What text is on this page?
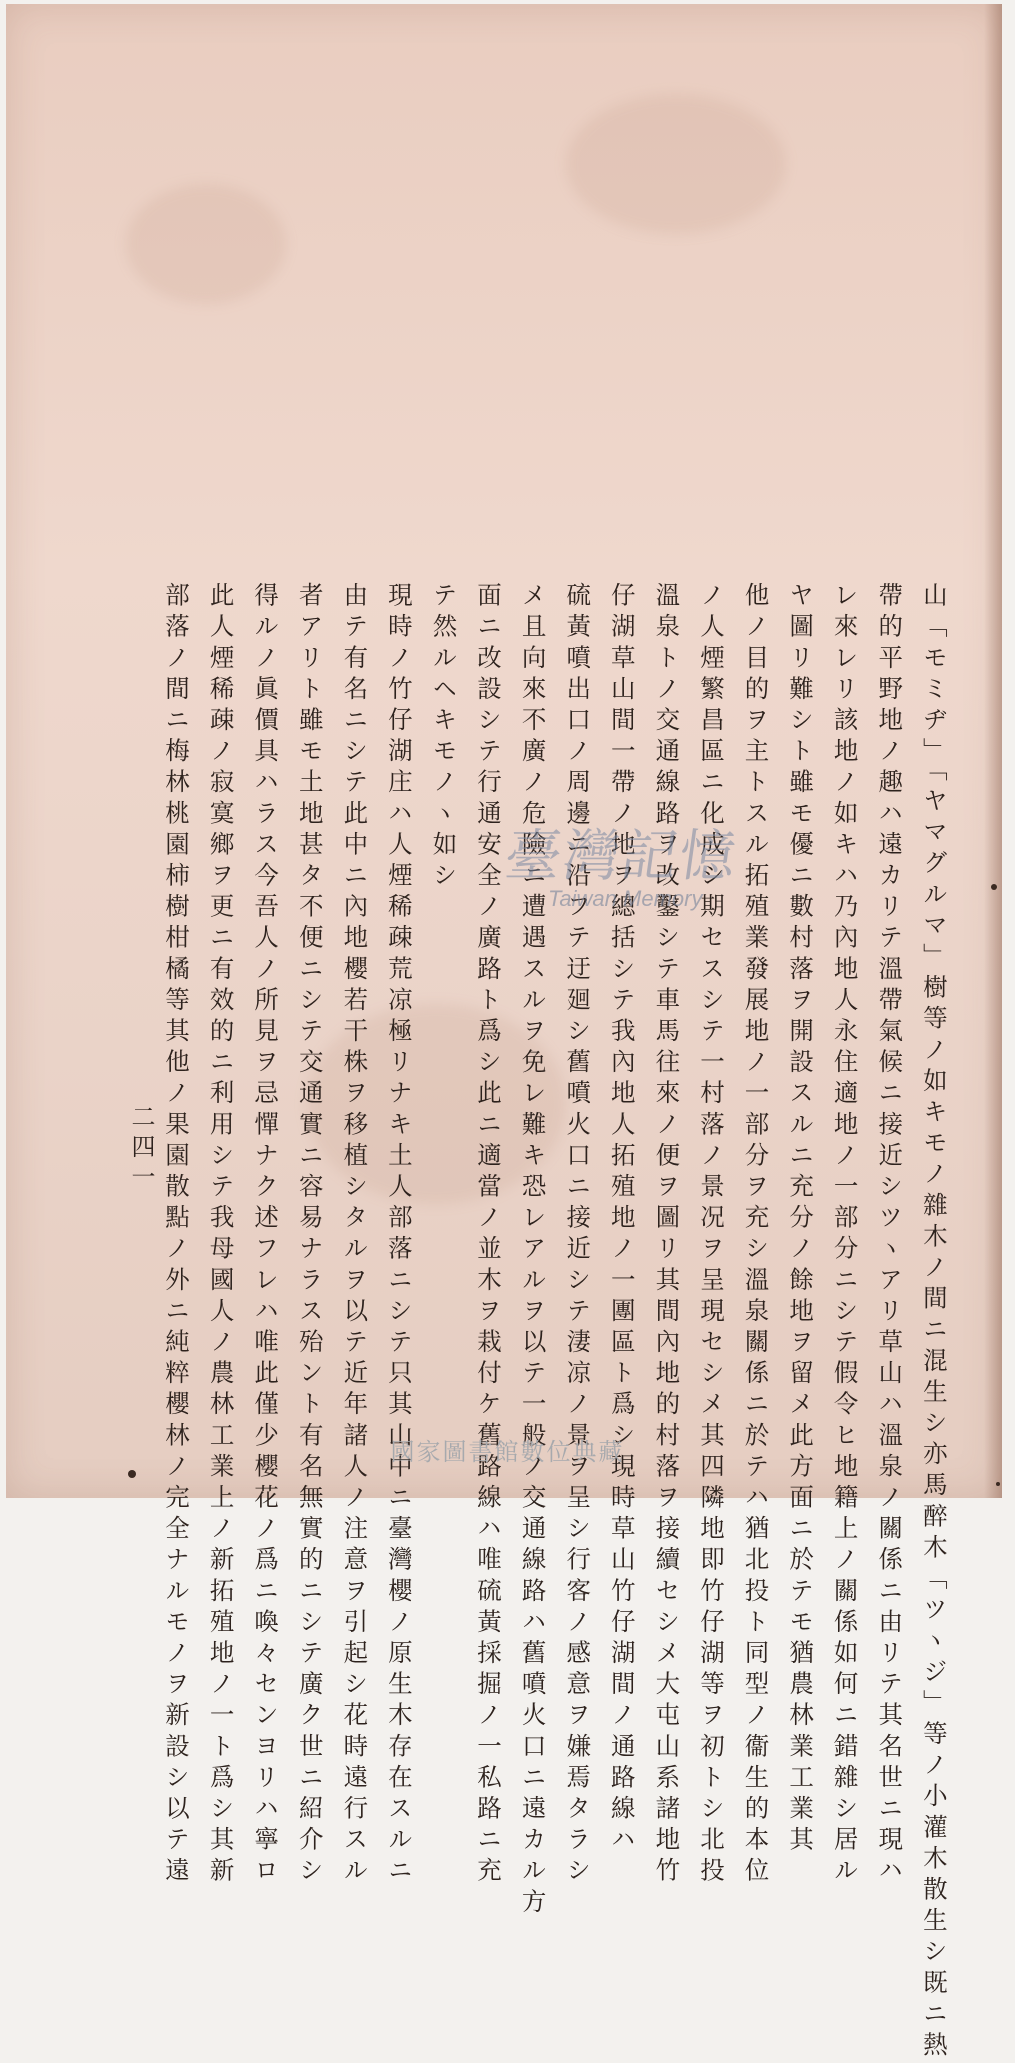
山「モミヂ」「ヤマグルマ」樹等ノ如キモノ雜木ノ間ニ混生シ亦馬醉木「ツヽジ」等ノ小灌木散生シ既ニ熱
帶的平野地ノ趣ハ遠カリテ溫帶氣候ニ接近シツヽアリ草山ハ溫泉ノ關係ニ由リテ其名世ニ現ハ
レ來レリ該地ノ如キハ乃內地人永住適地ノ一部分ニシテ假令ヒ地籍上ノ關係如何ニ錯雜シ居ル
ヤ圖リ難シト雖モ優ニ數村落ヲ開設スルニ充分ノ餘地ヲ留メ此方面ニ於テモ猶農林業工業其
他ノ目的ヲ主トスル拓殖業發展地ノ一部分ヲ充シ溫泉關係ニ於テハ猶北投ト同型ノ衞生的本位
ノ人煙繁昌區ニ化成シ期セスシテ一村落ノ景况ヲ呈現セシメ其四隣地即竹仔湖等ヲ初トシ北投
溫泉トノ交通線路ヲ改鑿シテ車馬往來ノ便ヲ圖リ其間內地的村落ヲ接續セシメ大屯山系諸地竹
仔湖草山間一帶ノ地ヲ總括シテ我內地人拓殖地ノ一團區ト爲シ現時草山竹仔湖間ノ通路線ハ
硫黃噴出口ノ周邊ニ沿フテ迂廻シ舊噴火口ニ接近シテ淒凉ノ景ヲ呈シ行客ノ感意ヲ嫌焉タラシ
メ且向來不廣ノ危險ニ遭遇スルヲ免レ難キ恐レアルヲ以テ一般ノ交通線路ハ舊噴火口ニ遠カル方
面ニ改設シテ行通安全ノ廣路ト爲シ此ニ適當ノ並木ヲ栽付ケ舊路線ハ唯硫黃採掘ノ一私路ニ充
テ然ルヘキモノヽ如シ
現時ノ竹仔湖庄ハ人煙稀疎荒凉極リナキ土人部落ニシテ只其山中ニ臺灣櫻ノ原生木存在スルニ
由テ有名ニシテ此中ニ內地櫻若干株ヲ移植シタルヲ以テ近年諸人ノ注意ヲ引起シ花時遠行スル
者アリト雖モ土地甚タ不便ニシテ交通實ニ容易ナラス殆ント有名無實的ニシテ廣ク世ニ紹介シ
得ルノ眞價具ハラス今吾人ノ所見ヲ忌憚ナク述フレハ唯此僅少櫻花ノ爲ニ喚々センヨリハ寧ロ
此人煙稀疎ノ寂寞鄉ヲ更ニ有效的ニ利用シテ我母國人ノ農林工業上ノ新拓殖地ノ一ト爲シ其新
部落ノ間ニ梅林桃園柿樹柑橘等其他ノ果園散點ノ外ニ純粹櫻林ノ完全ナルモノヲ新設シ以テ遠
二四一
臺灣記憶
Taiwan Memory
國家圖書館數位典藏
